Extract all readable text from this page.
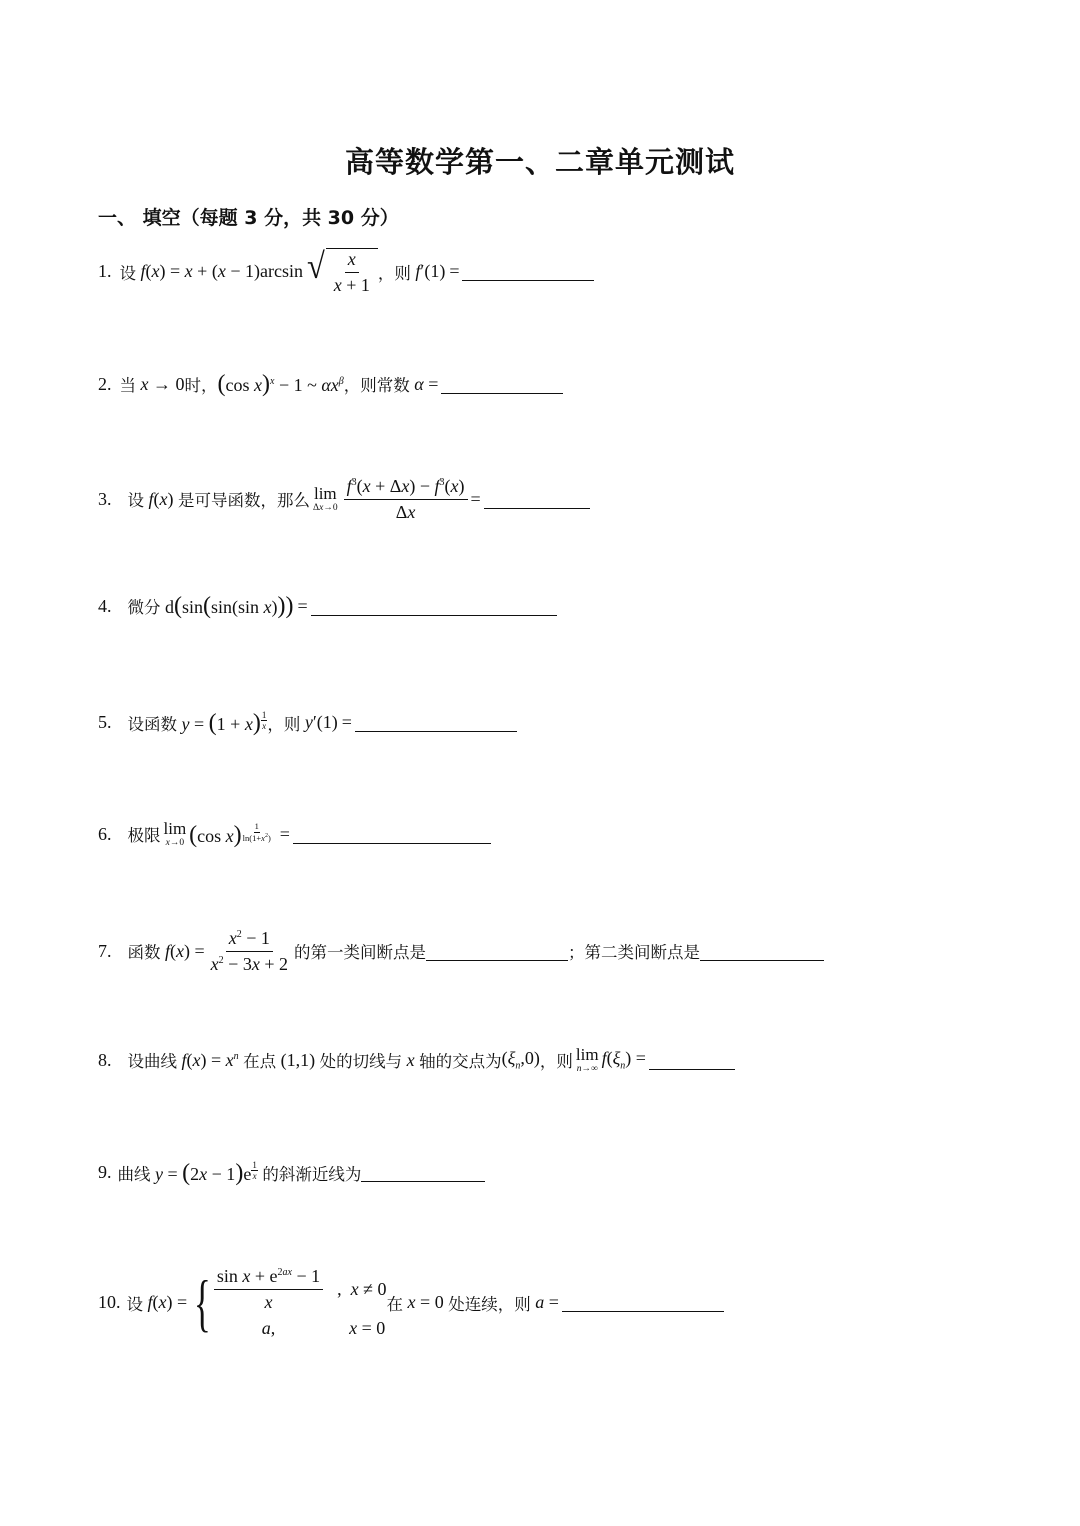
高等数学第一、二章单元测试
一、 填空（每题 3 分，共 30 分）
1. 设 f(x) = x + (x − 1)arcsin √ $\frac{x}{x + 1}$ ，则 f′(1) =
2. 当 x → 0 时， (cos x)$^x$ − 1 ~ $\alpha x^\beta$ ，则常数 α =
3. 设 f(x) 是可导函数，那么 lim
$\Delta x\to 0 \frac{f^3(x + \Delta x) - f^3(x)}{\Delta x}$ =
4. 微分 d(sin(sin(sin x))) =
5. 设函数 y = (1 + x) $^{\frac{1}{x}}$ ，则 y′(1) =
6. 极限 lim
x→0 (cos x) $^{\frac{1}{\ln(1+x^2)}}$ =
7. 函数 $f(x) = \frac{x^2 - 1}{x^2 - 3x + 2}$ 的第一类间断点是	；第二类间断点是
8. 设曲线 $f(x) = x^n$ 在点 (1,1) 处的切线与 x 轴的交点为 $(\xi_n,0)$ ，则 lim
n→∞
$f(\xi_n)$ =
9. 曲线 y = (2x − 1)e $^{\frac{1}{x}}$
的斜渐近线为
10. 设 f(x) = { $\frac{\sin x + e^{2ax} - 1}{x}$ ,  x ≠ 0
a,	x = 0
在 x = 0 处连续，则 a =
